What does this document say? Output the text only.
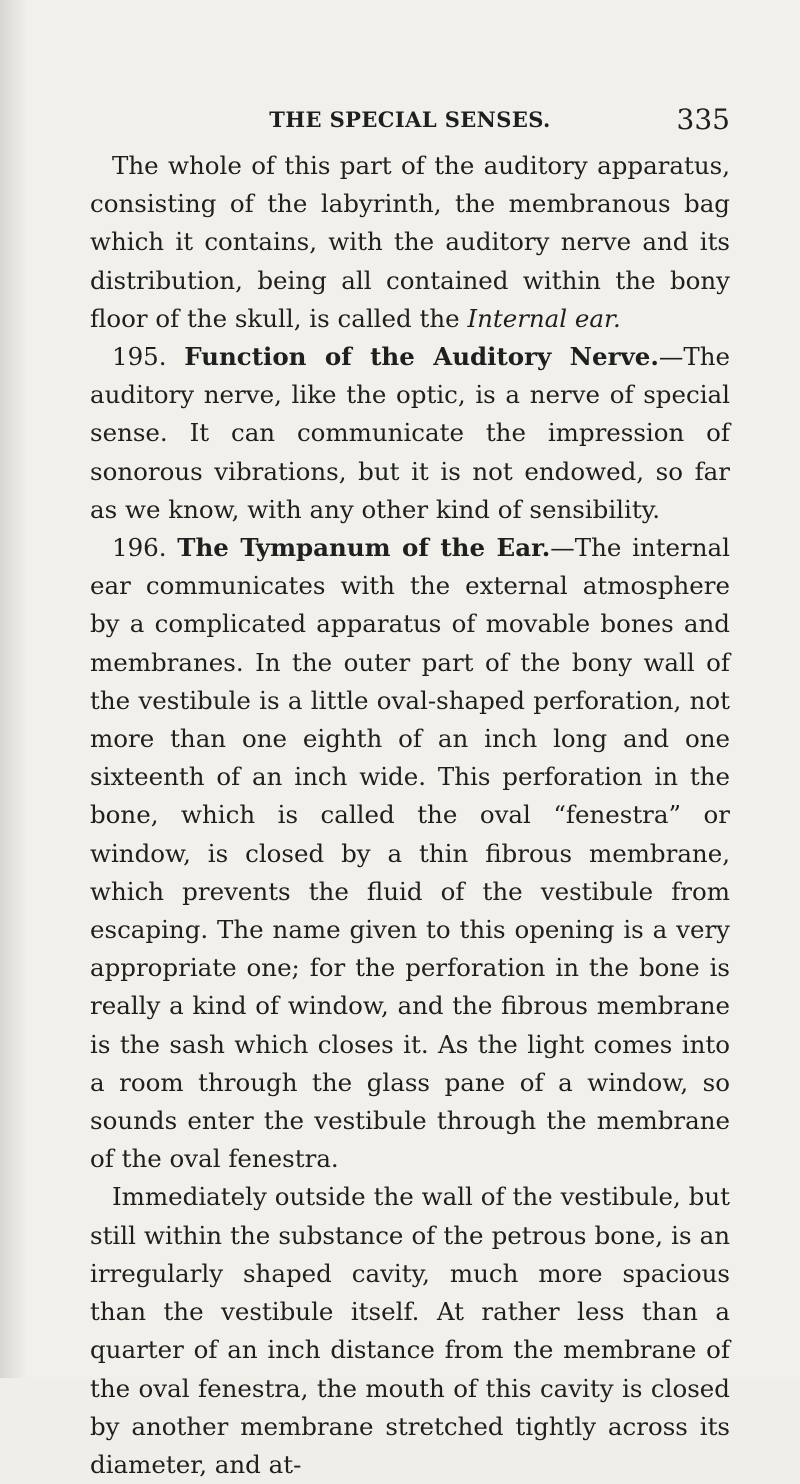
THE SPECIAL SENSES.	335

The whole of this part of the auditory apparatus, consisting of the labyrinth, the membranous bag which it contains, with the auditory nerve and its distribution, being all contained within the bony floor of the skull, is called the Internal ear.

195. Function of the Auditory Nerve.—The auditory nerve, like the optic, is a nerve of special sense. It can communicate the impression of sonorous vibrations, but it is not endowed, so far as we know, with any other kind of sensibility.

196. The Tympanum of the Ear.—The internal ear communicates with the external atmosphere by a complicated apparatus of movable bones and membranes. In the outer part of the bony wall of the vestibule is a little oval-shaped perforation, not more than one eighth of an inch long and one sixteenth of an inch wide. This perforation in the bone, which is called the oval “fenestra” or window, is closed by a thin fibrous membrane, which prevents the fluid of the vestibule from escaping. The name given to this opening is a very appropriate one; for the perforation in the bone is really a kind of window, and the fibrous membrane is the sash which closes it. As the light comes into a room through the glass pane of a window, so sounds enter the vestibule through the membrane of the oval fenestra.

Immediately outside the wall of the vestibule, but still within the substance of the petrous bone, is an irregularly shaped cavity, much more spacious than the vestibule itself. At rather less than a quarter of an inch distance from the membrane of the oval fenestra, the mouth of this cavity is closed by another membrane stretched tightly across its diameter, and at-
